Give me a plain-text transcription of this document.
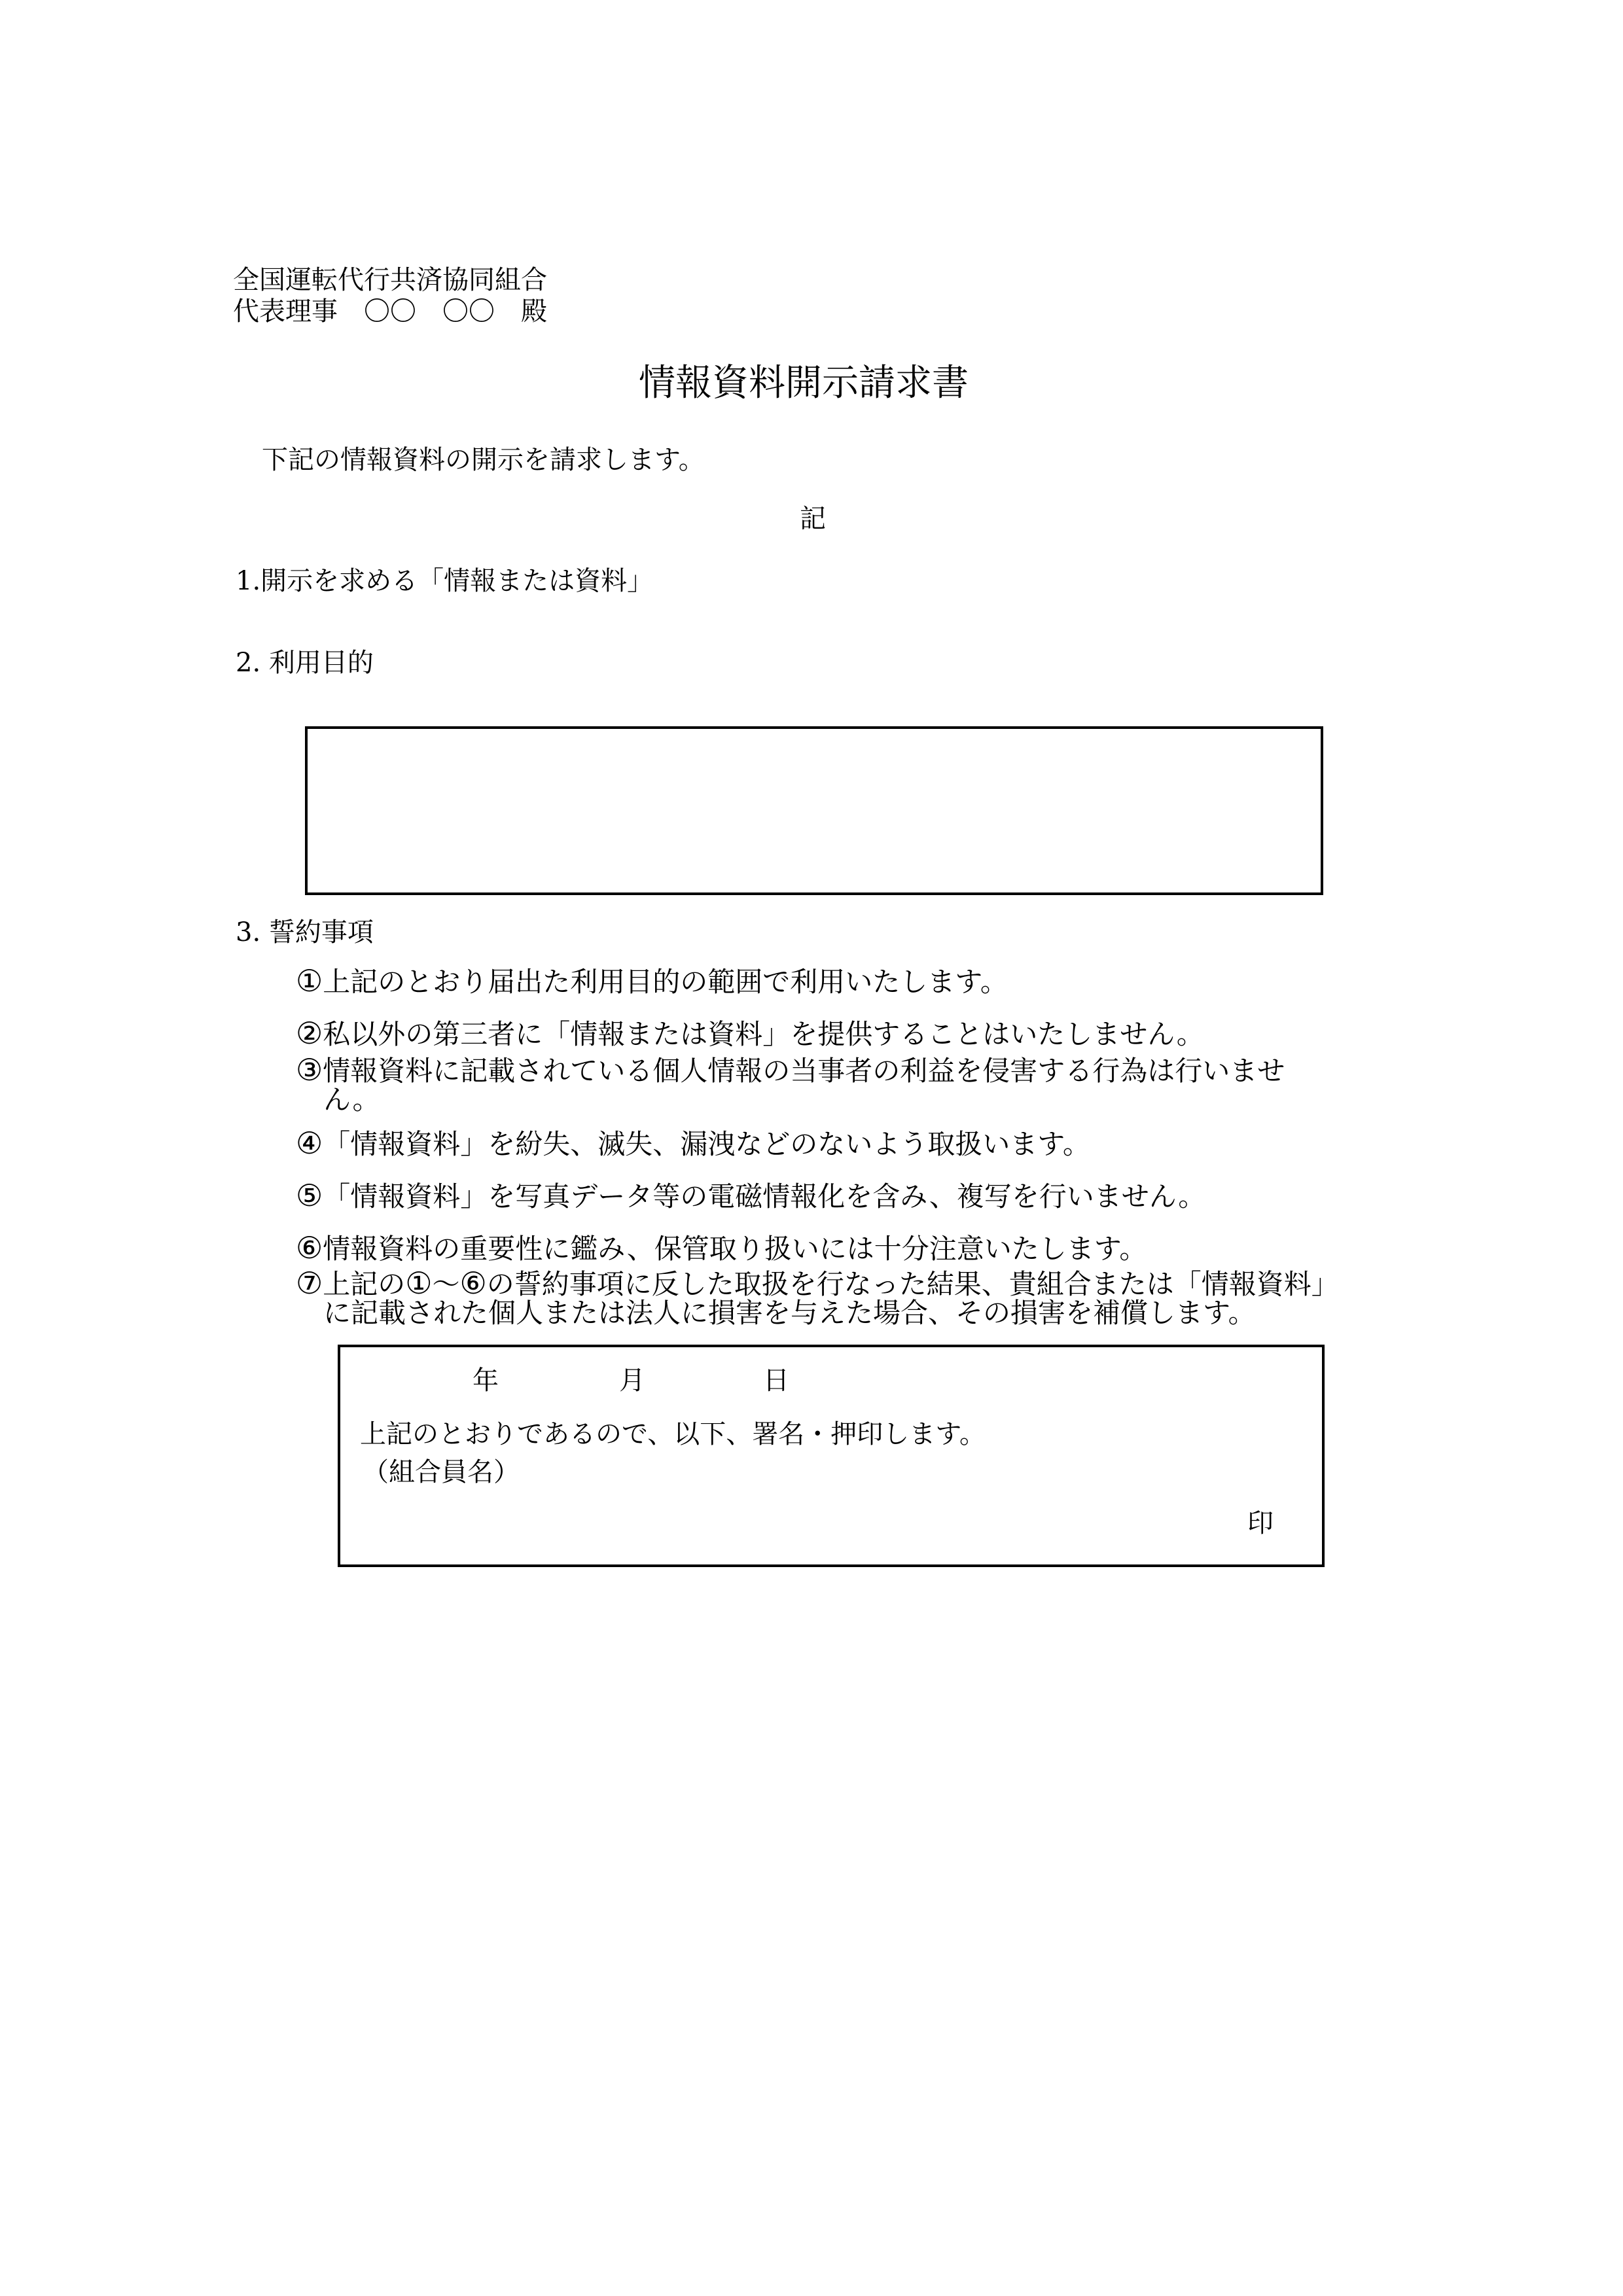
全国運転代行共済協同組合
代表理事　〇〇　〇〇　殿
情報資料開示請求書
下記の情報資料の開示を請求します。
記
1.開示を求める「情報または資料」
2. 利用目的
3. 誓約事項
①上記のとおり届出た利用目的の範囲で利用いたします。
②私以外の第三者に「情報または資料」を提供することはいたしません。
③情報資料に記載されている個人情報の当事者の利益を侵害する行為は行いませ
ん。
④「情報資料」を紛失、滅失、漏洩などのないよう取扱います。
⑤「情報資料」を写真データ等の電磁情報化を含み、複写を行いません。
⑥情報資料の重要性に鑑み、保管取り扱いには十分注意いたします。
⑦上記の①～⑥の誓約事項に反した取扱を行なった結果、貴組合または「情報資料」
に記載された個人または法人に損害を与えた場合、その損害を補償します。
年	月	日
上記のとおりであるので、以下、署名・押印します。
（組合員名）
印
